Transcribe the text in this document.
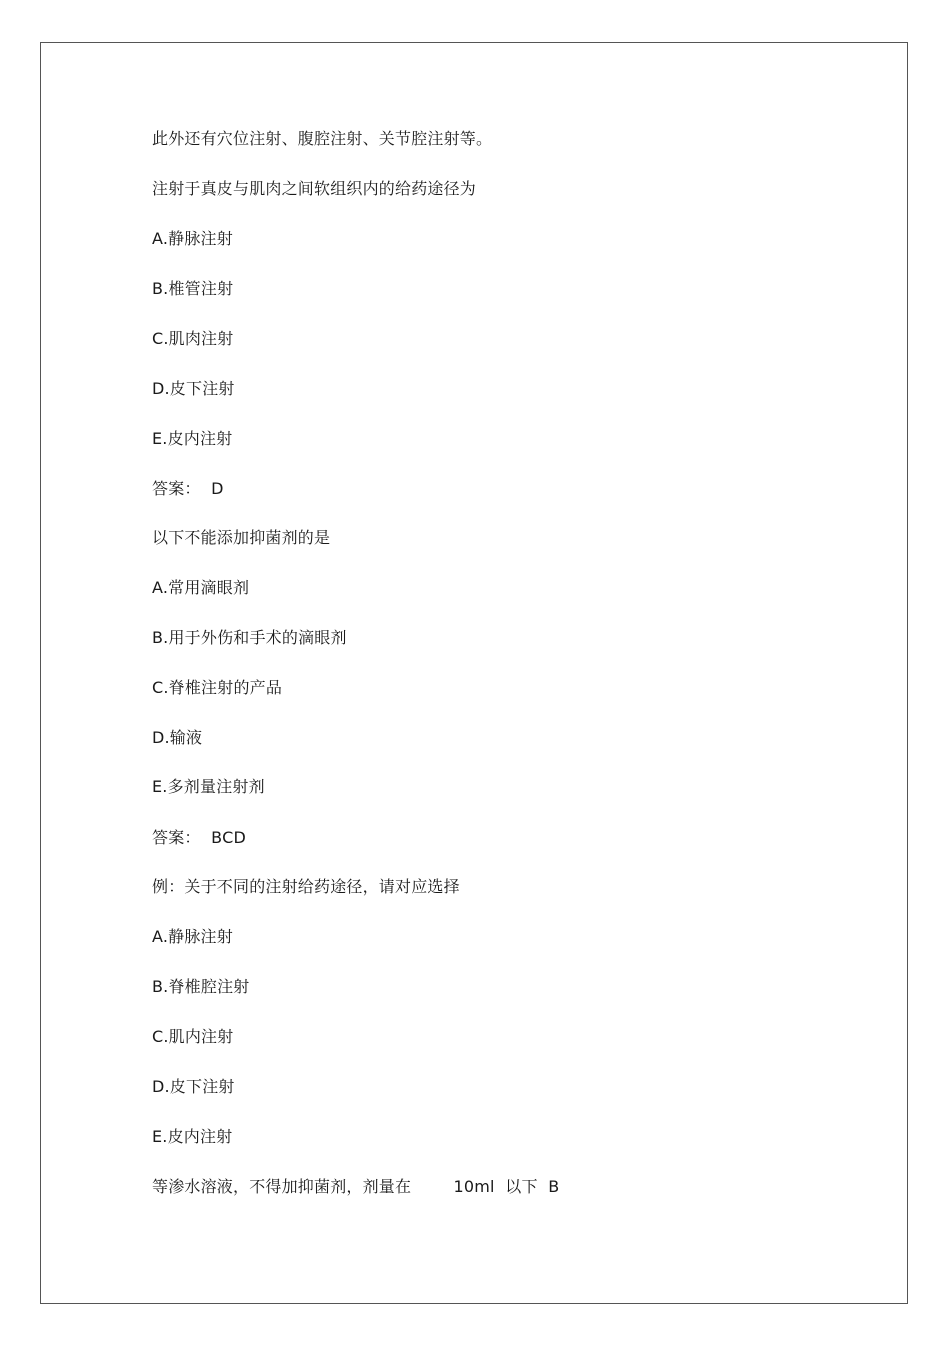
此外还有穴位注射、腹腔注射、关节腔注射等。
注射于真皮与肌肉之间软组织内的给药途径为
A.静脉注射
B.椎管注射
C.肌肉注射
D.皮下注射
E.皮内注射
答案：  D
以下不能添加抑菌剂的是
A.常用滴眼剂
B.用于外伤和手术的滴眼剂
C.脊椎注射的产品
D.输液
E.多剂量注射剂
答案：  BCD
例：关于不同的注射给药途径，请对应选择
A.静脉注射
B.脊椎腔注射
C.肌内注射
D.皮下注射
E.皮内注射
等渗水溶液，不得加抑菌剂，剂量在        10ml  以下  B
